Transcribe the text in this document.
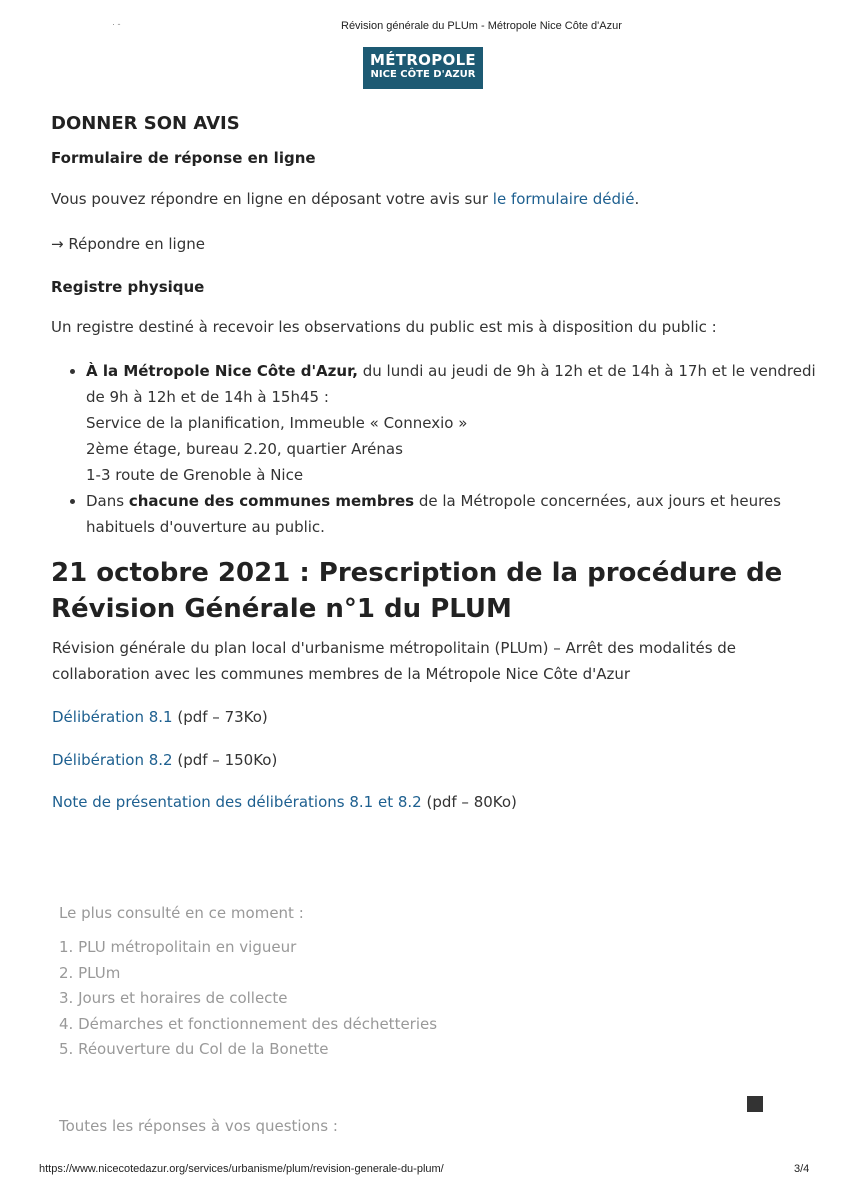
· -	Révision générale du PLUm - Métropole Nice Côte d'Azur
MÉTROPOLE
NICE CÔTE D'AZUR
DONNER SON AVIS
Formulaire de réponse en ligne
Vous pouvez répondre en ligne en déposant votre avis sur le formulaire dédié.
→ Répondre en ligne
Registre physique
Un registre destiné à recevoir les observations du public est mis à disposition du public :
• À la Métropole Nice Côte d'Azur, du lundi au jeudi de 9h à 12h et de 14h à 17h et le vendredi de 9h à 12h et de 14h à 15h45 :
Service de la planification, Immeuble « Connexio »
2ème étage, bureau 2.20, quartier Arénas
1-3 route de Grenoble à Nice
• Dans chacune des communes membres de la Métropole concernées, aux jours et heures habituels d'ouverture au public.
21 octobre 2021 : Prescription de la procédure de Révision Générale n°1 du PLUM
Révision générale du plan local d'urbanisme métropolitain (PLUm) – Arrêt des modalités de collaboration avec les communes membres de la Métropole Nice Côte d'Azur
Délibération 8.1 (pdf – 73Ko)
Délibération 8.2 (pdf – 150Ko)
Note de présentation des délibérations 8.1 et 8.2 (pdf – 80Ko)
Le plus consulté en ce moment :
1. PLU métropolitain en vigueur
2. PLUm
3. Jours et horaires de collecte
4. Démarches et fonctionnement des déchetteries
5. Réouverture du Col de la Bonette
Toutes les réponses à vos questions :
https://www.nicecotedazur.org/services/urbanisme/plum/revision-generale-du-plum/	3/4
